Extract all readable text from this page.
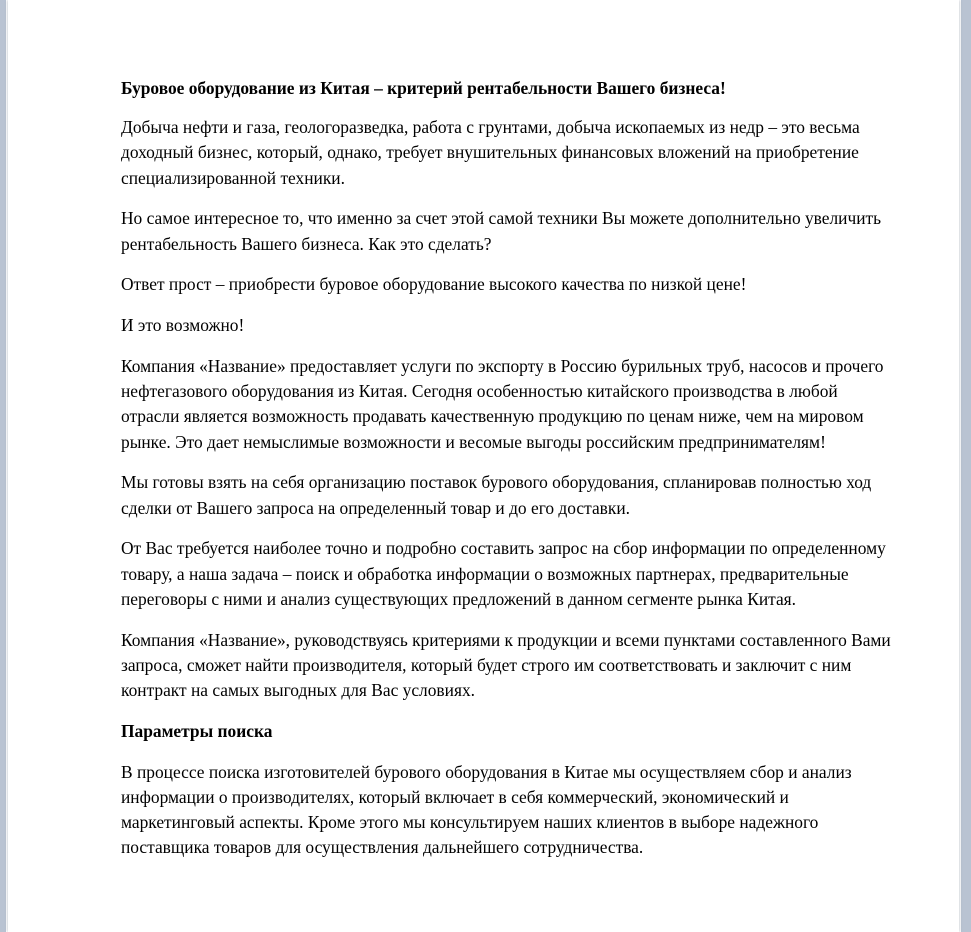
Буровое оборудование из Китая – критерий рентабельности Вашего бизнеса!

Добыча нефти и газа, геологоразведка, работа с грунтами, добыча ископаемых из недр – это весьма доходный бизнес, который, однако, требует внушительных финансовых вложений на приобретение специализированной техники.

Но самое интересное то, что именно за счет этой самой техники Вы можете дополнительно увеличить рентабельность Вашего бизнеса. Как это сделать?

Ответ прост – приобрести буровое оборудование высокого качества по низкой цене!

И это возможно!

Компания «Название» предоставляет услуги по экспорту в Россию бурильных труб, насосов и прочего нефтегазового оборудования из Китая. Сегодня особенностью китайского производства в любой отрасли является возможность продавать качественную продукцию по ценам ниже, чем на мировом рынке. Это дает немыслимые возможности и весомые выгоды российским предпринимателям!

Мы готовы взять на себя организацию поставок бурового оборудования, спланировав полностью ход сделки от Вашего запроса на определенный товар и до его доставки.

От Вас требуется наиболее точно и подробно составить запрос на сбор информации по определенному товару, а наша задача – поиск и обработка информации о возможных партнерах, предварительные переговоры с ними и анализ существующих предложений в данном сегменте рынка Китая.

Компания «Название», руководствуясь критериями к продукции и всеми пунктами составленного Вами запроса, сможет найти производителя, который будет строго им соответствовать и заключит с ним контракт на самых выгодных для Вас условиях.

Параметры поиска

В процессе поиска изготовителей бурового оборудования в Китае мы осуществляем сбор и анализ информации о производителях, который включает в себя коммерческий, экономический и маркетинговый аспекты. Кроме этого мы консультируем наших клиентов в выборе надежного поставщика товаров для осуществления дальнейшего сотрудничества.
